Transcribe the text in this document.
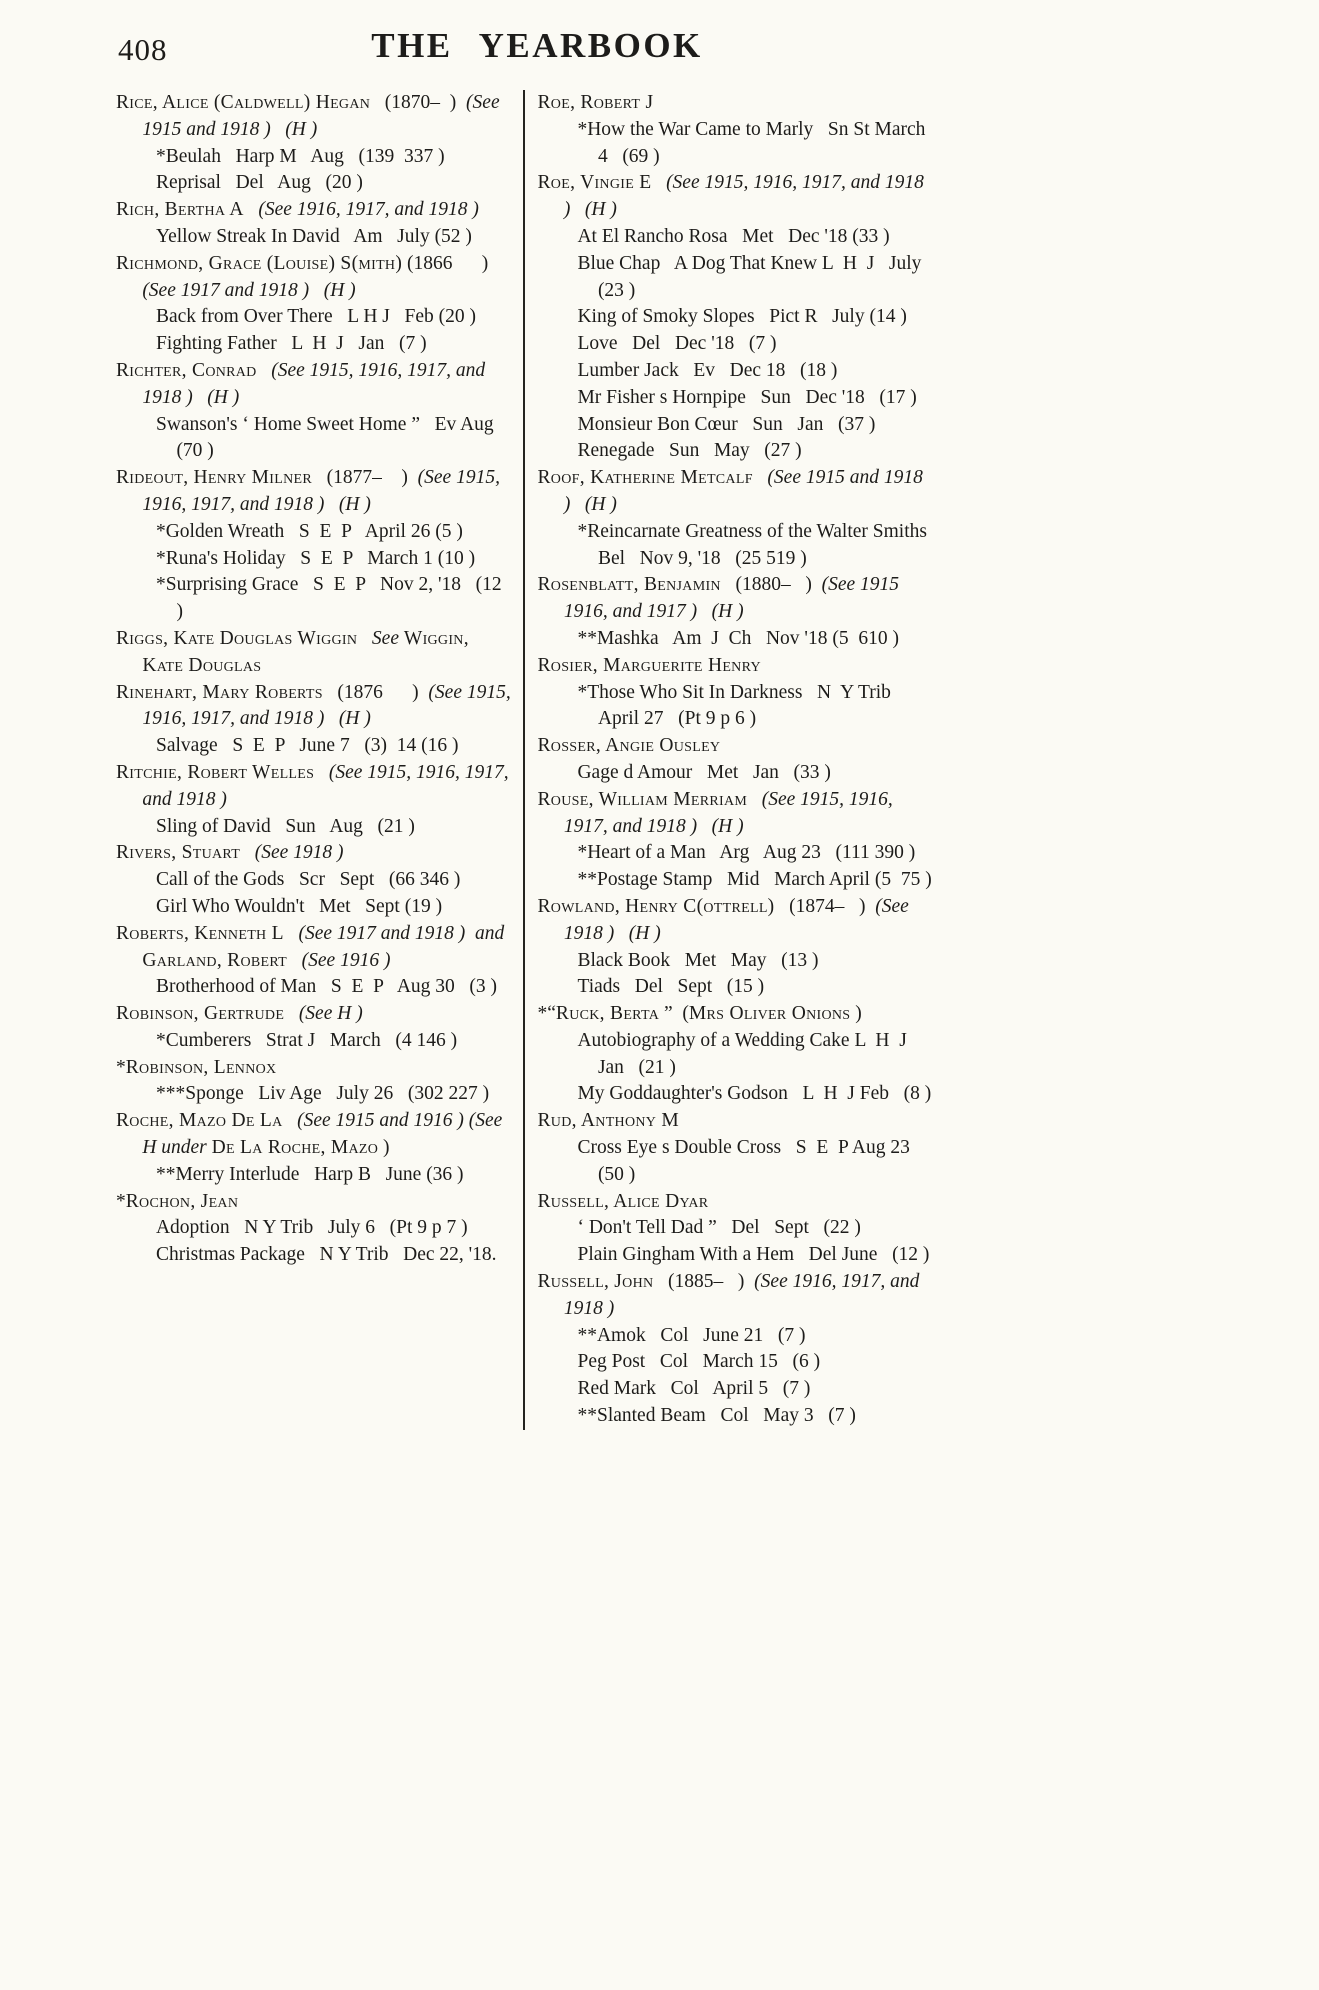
408	THE YEARBOOK

Rice, Alice (Caldwell) Hegan   (1870–  )  (See 1915 and 1918 )   (H )

*Beulah   Harp M   Aug   (139  337 )

Reprisal   Del   Aug   (20 )

Rich, Bertha A (See 1916, 1917, and 1918 )

Yellow Streak In David   Am   July (52 )

Richmond, Grace (Louise) S(mith) (1866      )  (See 1917 and 1918 )   (H )

Back from Over There   L H J   Feb (20 )

Fighting Father   L  H  J   Jan   (7 )

Richter, Conrad (See 1915, 1916, 1917, and 1918 )   (H )

Swanson's ‘ Home Sweet Home ”   Ev Aug   (70 )

Rideout, Henry Milner   (1877–    )  (See 1915, 1916, 1917, and 1918 )   (H )

*Golden Wreath   S  E  P   April 26 (5 )

*Runa's Holiday   S  E  P   March 1 (10 )

*Surprising Grace   S  E  P   Nov 2, '18   (12 )

Riggs, Kate Douglas Wiggin See Wiggin, Kate Douglas

Rinehart, Mary Roberts   (1876      )  (See 1915, 1916, 1917, and 1918 )   (H )

Salvage   S  E  P   June 7   (3)  14 (16 )

Ritchie, Robert Welles (See 1915, 1916, 1917, and 1918 )

Sling of David   Sun   Aug   (21 )

Rivers, Stuart (See 1918 )

Call of the Gods   Scr   Sept   (66 346 )

Girl Who Wouldn't   Met   Sept (19 )

Roberts, Kenneth L (See 1917 and 1918 )  and Garland, Robert (See 1916 )

Brotherhood of Man   S  E  P   Aug 30   (3 )

Robinson, Gertrude (See H )

*Cumberers   Strat J   March   (4 146 )

*Robinson, Lennox

***Sponge   Liv Age   July 26   (302 227 )

Roche, Mazo De La (See 1915 and 1916 ) (See H under De La Roche, Mazo )

**Merry Interlude   Harp B   June (36 )

*Rochon, Jean

Adoption   N Y Trib   July 6   (Pt 9 p 7 )

Christmas Package   N Y Trib   Dec 22, '18.

Roe, Robert J

*How the War Came to Marly   Sn St March 4   (69 )

Roe, Vingie E (See 1915, 1916, 1917, and 1918 )   (H )

At El Rancho Rosa   Met   Dec '18 (33 )

Blue Chap   A Dog That Knew L  H  J   July   (23 )

King of Smoky Slopes   Pict R   July (14 )

Love   Del   Dec '18   (7 )

Lumber Jack   Ev   Dec 18   (18 )

Mr Fisher s Hornpipe   Sun   Dec '18   (17 )

Monsieur Bon Cœur   Sun   Jan   (37 )

Renegade   Sun   May   (27 )

Roof, Katherine Metcalf (See 1915 and 1918 )   (H )

*Reincarnate Greatness of the Walter Smiths   Bel   Nov 9, '18   (25 519 )

Rosenblatt, Benjamin   (1880–   )  (See 1915 1916, and 1917 )   (H )

**Mashka   Am  J  Ch   Nov '18 (5  610 )

Rosier, Marguerite Henry

*Those Who Sit In Darkness   N  Y Trib   April 27   (Pt 9 p 6 )

Rosser, Angie Ousley

Gage d Amour   Met   Jan   (33 )

Rouse, William Merriam (See 1915, 1916, 1917, and 1918 )   (H )

*Heart of a Man   Arg   Aug 23   (111 390 )

**Postage Stamp   Mid   March April (5  75 )

Rowland, Henry C(ottrell)   (1874–   )  (See 1918 )   (H )

Black Book   Met   May   (13 )

Tiads   Del   Sept   (15 )

*“Ruck, Berta ”  (Mrs Oliver Onions )

Autobiography of a Wedding Cake L  H  J   Jan   (21 )

My Goddaughter's Godson   L  H  J Feb   (8 )

Rud, Anthony M

Cross Eye s Double Cross   S  E  P Aug 23   (50 )

Russell, Alice Dyar

‘ Don't Tell Dad ”   Del   Sept   (22 )

Plain Gingham With a Hem   Del June   (12 )

Russell, John   (1885–   )  (See 1916, 1917, and 1918 )

**Amok   Col   June 21   (7 )

Peg Post   Col   March 15   (6 )

Red Mark   Col   April 5   (7 )

**Slanted Beam   Col   May 3   (7 )
